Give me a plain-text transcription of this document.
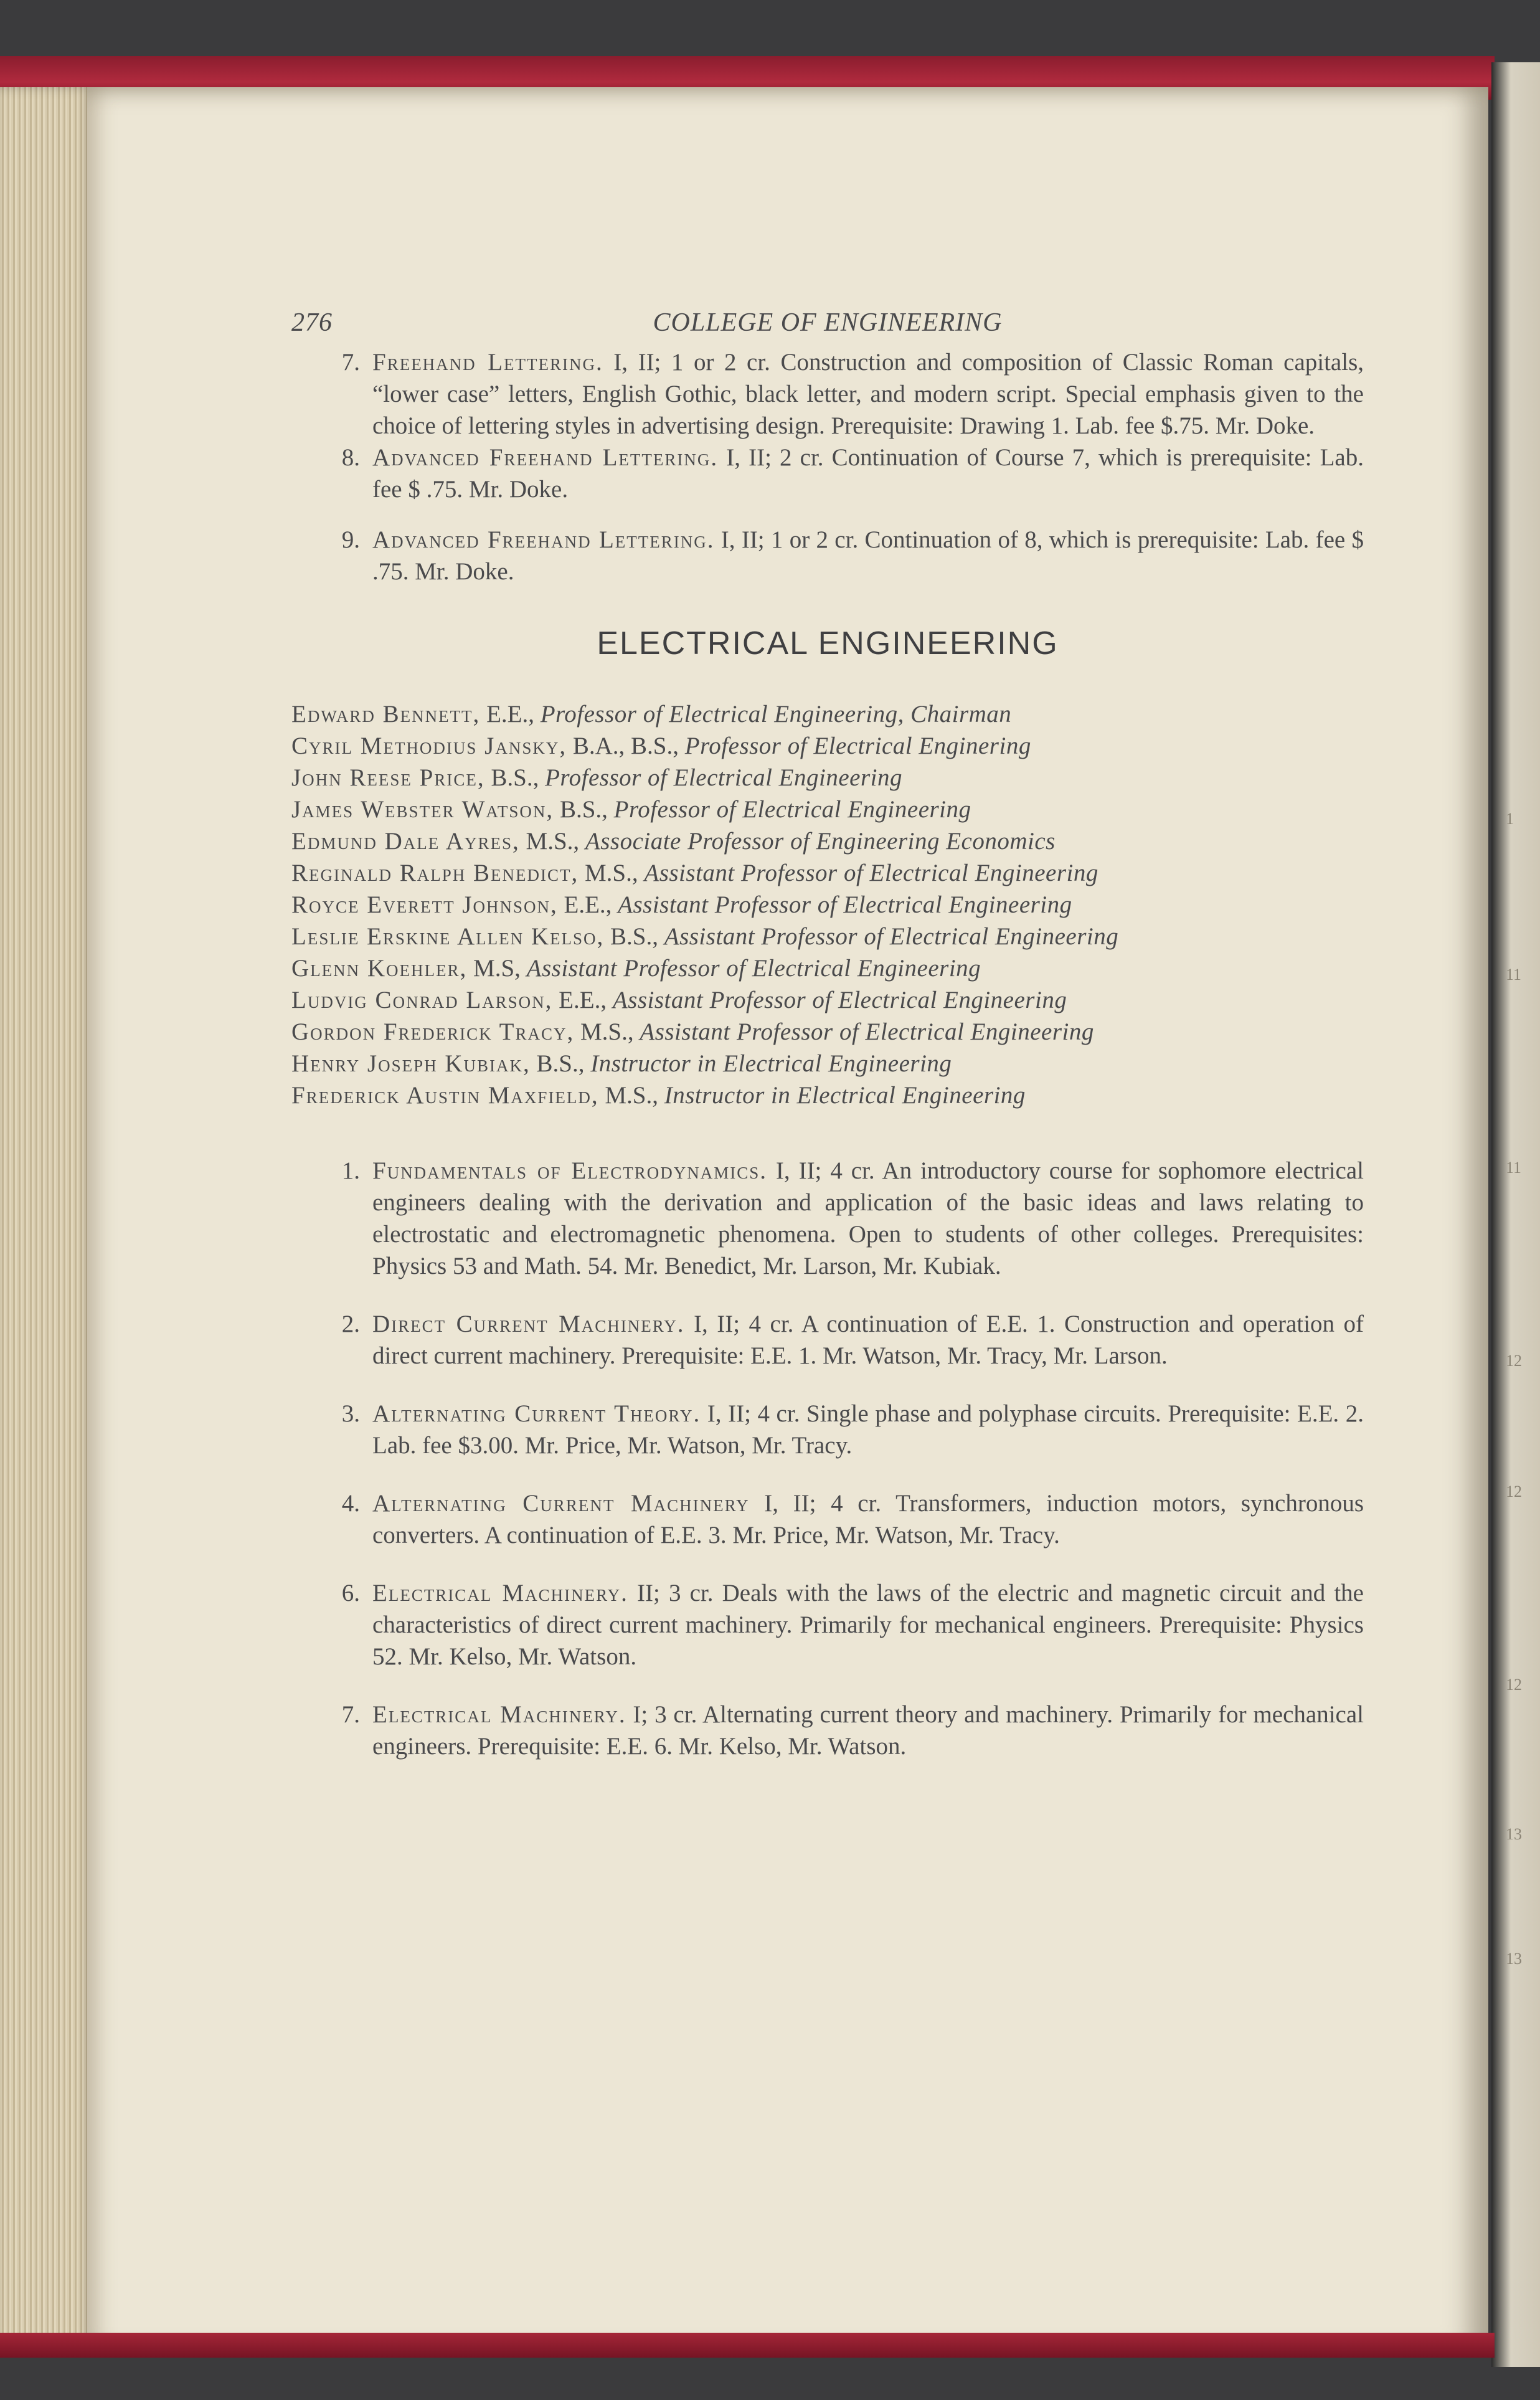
1
11
11
12
12
12
13
13
276	COLLEGE OF ENGINEERING
7. Freehand Lettering. I, II; 1 or 2 cr. Construction and composition of Classic Roman capitals, “lower case” letters, English Gothic, black letter, and modern script. Special emphasis given to the choice of lettering styles in advertising design. Prerequisite: Drawing 1. Lab. fee $.75. Mr. Doke.

8. Advanced Freehand Lettering. I, II; 2 cr. Continuation of Course 7, which is prerequisite: Lab. fee $ .75. Mr. Doke.

9. Advanced Freehand Lettering. I, II; 1 or 2 cr. Continuation of 8, which is prerequisite: Lab. fee $ .75. Mr. Doke.

ELECTRICAL ENGINEERING
Edward Bennett, E.E., Professor of Electrical Engineering, Chairman
Cyril Methodius Jansky, B.A., B.S., Professor of Electrical Enginering
John Reese Price, B.S., Professor of Electrical Engineering
James Webster Watson, B.S., Professor of Electrical Engineering
Edmund Dale Ayres, M.S., Associate Professor of Engineering Economics
Reginald Ralph Benedict, M.S., Assistant Professor of Electrical Engineering
Royce Everett Johnson, E.E., Assistant Professor of Electrical Engineering
Leslie Erskine Allen Kelso, B.S., Assistant Professor of Electrical Engineering
Glenn Koehler, M.S, Assistant Professor of Electrical Engineering
Ludvig Conrad Larson, E.E., Assistant Professor of Electrical Engineering
Gordon Frederick Tracy, M.S., Assistant Professor of Electrical Engineering
Henry Joseph Kubiak, B.S., Instructor in Electrical Engineering
Frederick Austin Maxfield, M.S., Instructor in Electrical Engineering
1. Fundamentals of Electrodynamics. I, II; 4 cr. An introductory course for sophomore electrical engineers dealing with the derivation and application of the basic ideas and laws relating to electrostatic and electromagnetic phenomena. Open to students of other colleges. Prerequisites: Physics 53 and Math. 54. Mr. Benedict, Mr. Larson, Mr. Kubiak.

2. Direct Current Machinery. I, II; 4 cr. A continuation of E.E. 1. Construction and operation of direct current machinery. Prerequisite: E.E. 1. Mr. Watson, Mr. Tracy, Mr. Larson.

3. Alternating Current Theory. I, II; 4 cr. Single phase and polyphase circuits. Prerequisite: E.E. 2. Lab. fee $3.00. Mr. Price, Mr. Watson, Mr. Tracy.

4. Alternating Current Machinery I, II; 4 cr. Transformers, induction motors, synchronous converters. A continuation of E.E. 3. Mr. Price, Mr. Watson, Mr. Tracy.

6. Electrical Machinery. II; 3 cr. Deals with the laws of the electric and magnetic circuit and the characteristics of direct current machinery. Primarily for mechanical engineers. Prerequisite: Physics 52. Mr. Kelso, Mr. Watson.

7. Electrical Machinery. I; 3 cr. Alternating current theory and machinery. Primarily for mechanical engineers. Prerequisite: E.E. 6. Mr. Kelso, Mr. Watson.
